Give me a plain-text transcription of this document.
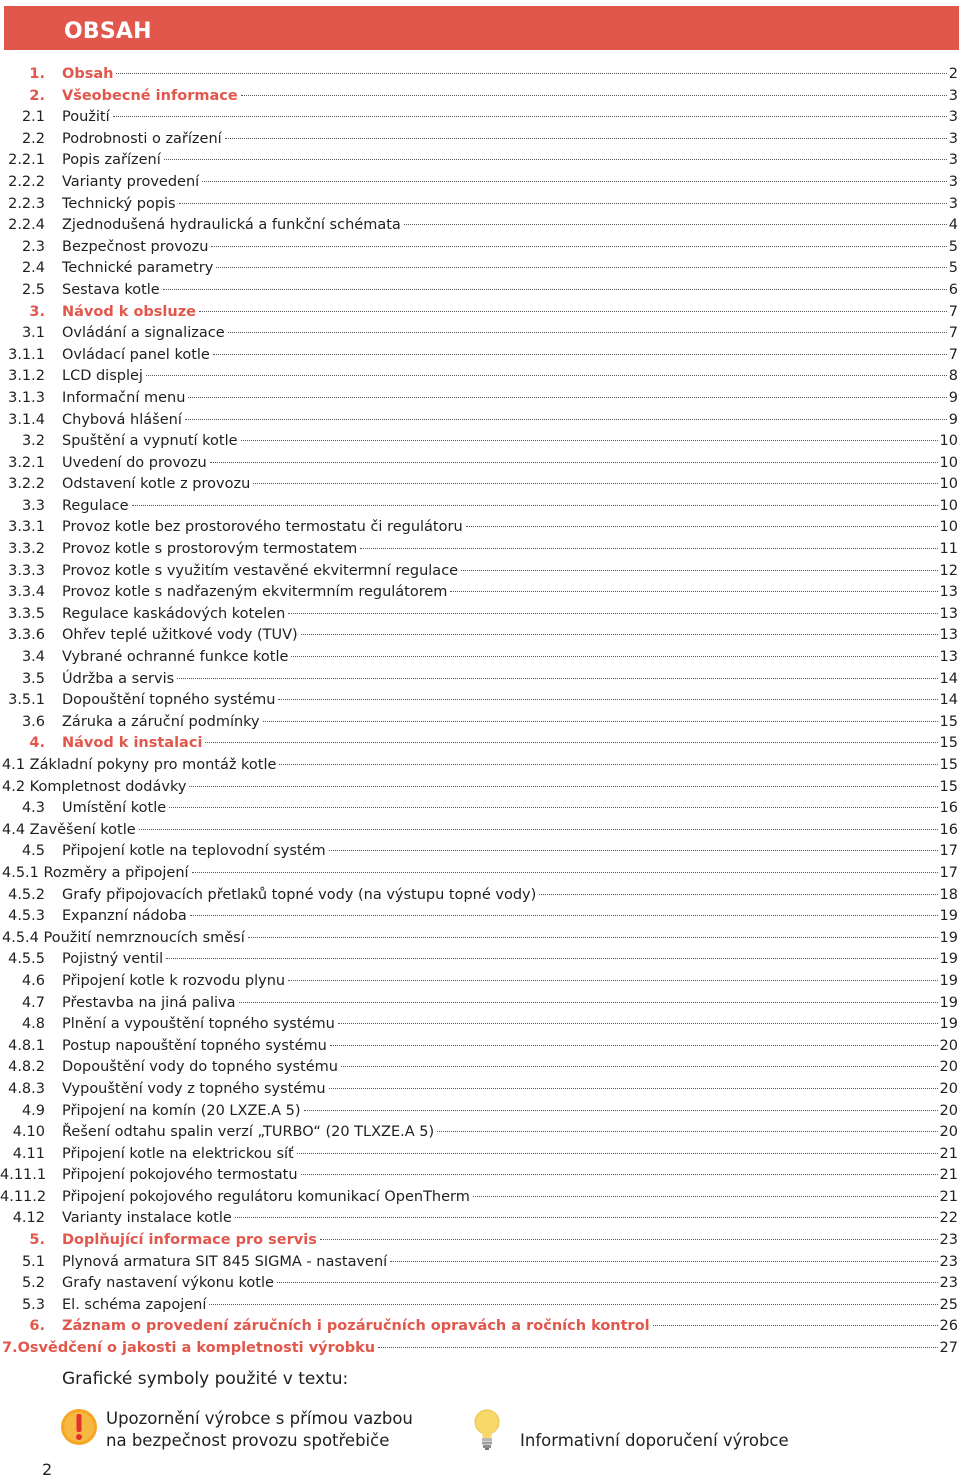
OBSAH
1. Obsah	2
2. Všeobecné informace	3
2.1 Použití	3
2.2 Podrobnosti o zařízení	3
2.2.1 Popis zařízení	3
2.2.2 Varianty provedení	3
2.2.3 Technický popis	3
2.2.4 Zjednodušená hydraulická a funkční schémata	4
2.3 Bezpečnost provozu	5
2.4 Technické parametry	5
2.5 Sestava kotle	6
3. Návod k obsluze	7
3.1 Ovládání a signalizace	7
3.1.1 Ovládací panel kotle	7
3.1.2 LCD displej	8
3.1.3 Informační menu	9
3.1.4 Chybová hlášení	9
3.2 Spuštění a vypnutí kotle	10
3.2.1 Uvedení do provozu	10
3.2.2 Odstavení kotle z provozu	10
3.3 Regulace	10
3.3.1 Provoz kotle bez prostorového termostatu či regulátoru	10
3.3.2 Provoz kotle s prostorovým termostatem	11
3.3.3 Provoz kotle s využitím vestavěné ekvitermní regulace	12
3.3.4 Provoz kotle s nadřazeným ekvitermním regulátorem	13
3.3.5 Regulace kaskádových kotelen	13
3.3.6 Ohřev teplé užitkové vody (TUV)	13
3.4 Vybrané ochranné funkce kotle	13
3.5 Údržba a servis	14
3.5.1 Dopouštění topného systému	14
3.6 Záruka a záruční podmínky	15
4. Návod k instalaci	15
4.1 Základní pokyny pro montáž kotle	15
4.2 Kompletnost dodávky	15
4.3 Umístění kotle	16
4.4 Zavěšení kotle	16
4.5 Připojení kotle na teplovodní systém	17
4.5.1 Rozměry a připojení	17
4.5.2 Grafy připojovacích přetlaků topné vody (na výstupu topné vody)	18
4.5.3 Expanzní nádoba	19
4.5.4 Použití nemrznoucích směsí	19
4.5.5 Pojistný ventil	19
4.6 Připojení kotle k rozvodu plynu	19
4.7 Přestavba na jiná paliva	19
4.8 Plnění a vypouštění topného systému	19
4.8.1 Postup napouštění topného systému	20
4.8.2 Dopouštění vody do topného systému	20
4.8.3 Vypouštění vody z topného systému	20
4.9 Připojení na komín (20 LXZE.A 5)	20
4.10 Řešení odtahu spalin verzí „TURBO“ (20 TLXZE.A 5)	20
4.11 Připojení kotle na elektrickou síť	21
4.11.1 Připojení pokojového termostatu	21
4.11.2 Připojení pokojového regulátoru komunikací OpenTherm	21
4.12 Varianty instalace kotle	22
5. Doplňující informace pro servis	23
5.1 Plynová armatura SIT 845 SIGMA - nastavení	23
5.2 Grafy nastavení výkonu kotle	23
5.3 El. schéma zapojení	25
6. Záznam o provedení záručních i pozáručních opravách a ročních kontrol	26
7.Osvědčení o jakosti a kompletnosti výrobku	27
Grafické symboly použité v textu:
Upozornění výrobce s přímou vazbou
na bezpečnost provozu spotřebiče	Informativní doporučení výrobce
2
